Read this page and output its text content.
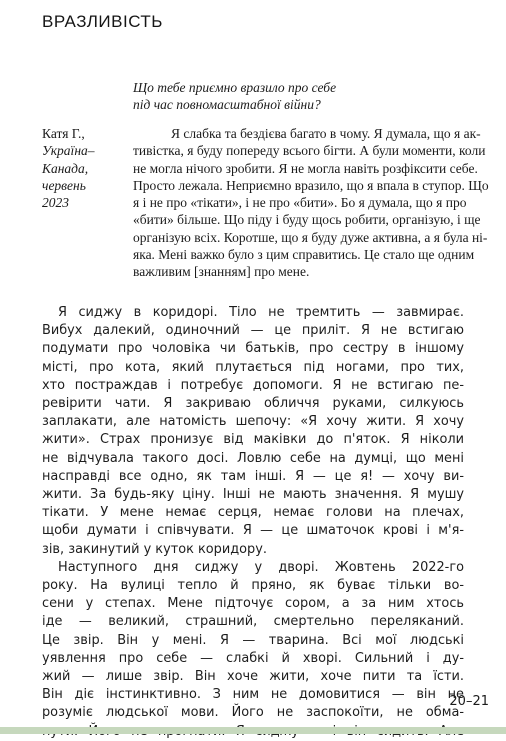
ВРАЗЛИВІСТЬ
Що тебе приємно вразило про себе
під час повномасштабної війни?
Катя Г.,
Україна–
Канада,
червень
2023
Я слабка та бездієва багато в чому. Я думала, що я ак-
тивістка, я буду попереду всього бігти. А були моменти, коли
не могла нічого зробити. Я не могла навіть розфіксити себе.
Просто лежала. Неприємно вразило, що я впала в ступор. Що
я і не про «тікати», і не про «бити». Бо я думала, що я про
«бити» більше. Що піду і буду щось робити, організую, і ще
організую всіх. Коротше, що я буду дуже активна, а я була ні-
яка. Мені важко було з цим справитись. Це стало ще одним
важливим [знанням] про мене.
Я сиджу в коридорі. Тіло не тремтить — завмирає.
Вибух далекий, одиночний — це приліт. Я не встигаю
подумати про чоловіка чи батьків, про сестру в іншому
місті, про кота, який плутається під ногами, про тих,
хто постраждав і потребує допомоги. Я не встигаю пе-
ревірити чати. Я закриваю обличчя руками, силкуюсь
заплакати, але натомість шепочу: «Я хочу жити. Я хочу
жити». Страх пронизує від маківки до п'яток. Я ніколи
не відчувала такого досі. Ловлю себе на думці, що мені
насправді все одно, як там інші. Я — це я! — хочу ви-
жити. За будь-яку ціну. Інші не мають значення. Я мушу
тікати. У мене немає серця, немає голови на плечах,
щоби думати і співчувати. Я — це шматочок крові і м'я-
зів, закинутий у куток коридору.
Наступного дня сиджу у дворі. Жовтень 2022-го
року. На вулиці тепло й пряно, як буває тільки во-
сени у степах. Мене підточує сором, а за ним хтось
іде — великий, страшний, смертельно переляканий.
Це звір. Він у мені. Я — тварина. Всі мої людські
уявлення про себе — слабкі й хворі. Сильний і ду-
жий — лише звір. Він хоче жити, хоче пити та їсти.
Він діє інстинктивно. З ним не домовитися — він не
розуміє людської мови. Його не заспокоїти, не обма-
20–21
